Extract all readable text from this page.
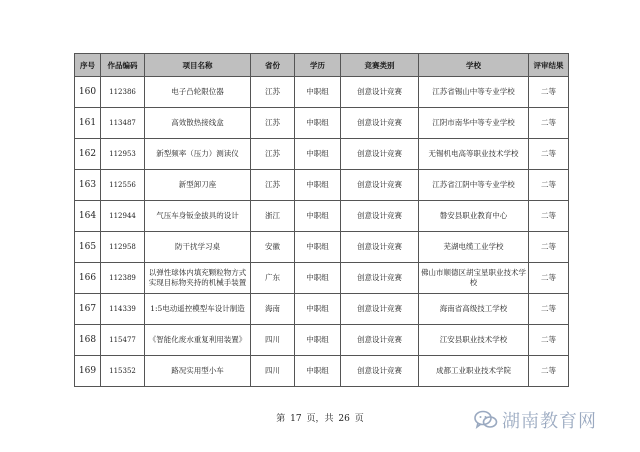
序号	作品编码	项目名称	省份	学历	竞赛类别	学校	评审结果
160	112386	电子凸轮限位器	江苏	中职组	创意设计竞赛	江苏省锡山中等专业学校	二等
161	113487	高效散热接线盒	江苏	中职组	创意设计竞赛	江阴市南华中等专业学校	二等
162	112953	新型频率（压力）测读仪	江苏	中职组	创意设计竞赛	无锡机电高等职业技术学校	二等
163	112556	新型卸刀座	江苏	中职组	创意设计竞赛	江苏省江阴中等专业学校	二等
164	112944	气压车身钣金拔具的设计	浙江	中职组	创意设计竞赛	磐安县职业教育中心	二等
165	112958	防干扰学习桌	安徽	中职组	创意设计竞赛	芜湖电缆工业学校	二等
166	112389	以弹性球体内填充颗粒物方式实现目标物夹持的机械手装置	广东	中职组	创意设计竞赛	佛山市顺德区胡宝星职业技术学校	二等
167	114339	1:5电动遥控模型车设计制造	海南	中职组	创意设计竞赛	海南省高级技工学校	二等
168	115477	《智能化废水重复利用装置》	四川	中职组	创意设计竞赛	江安县职业技术学校	二等
169	115352	路况实用型小车	四川	中职组	创意设计竞赛	成都工业职业技术学院	二等
第 17 页，共 26 页	湖南教育网
